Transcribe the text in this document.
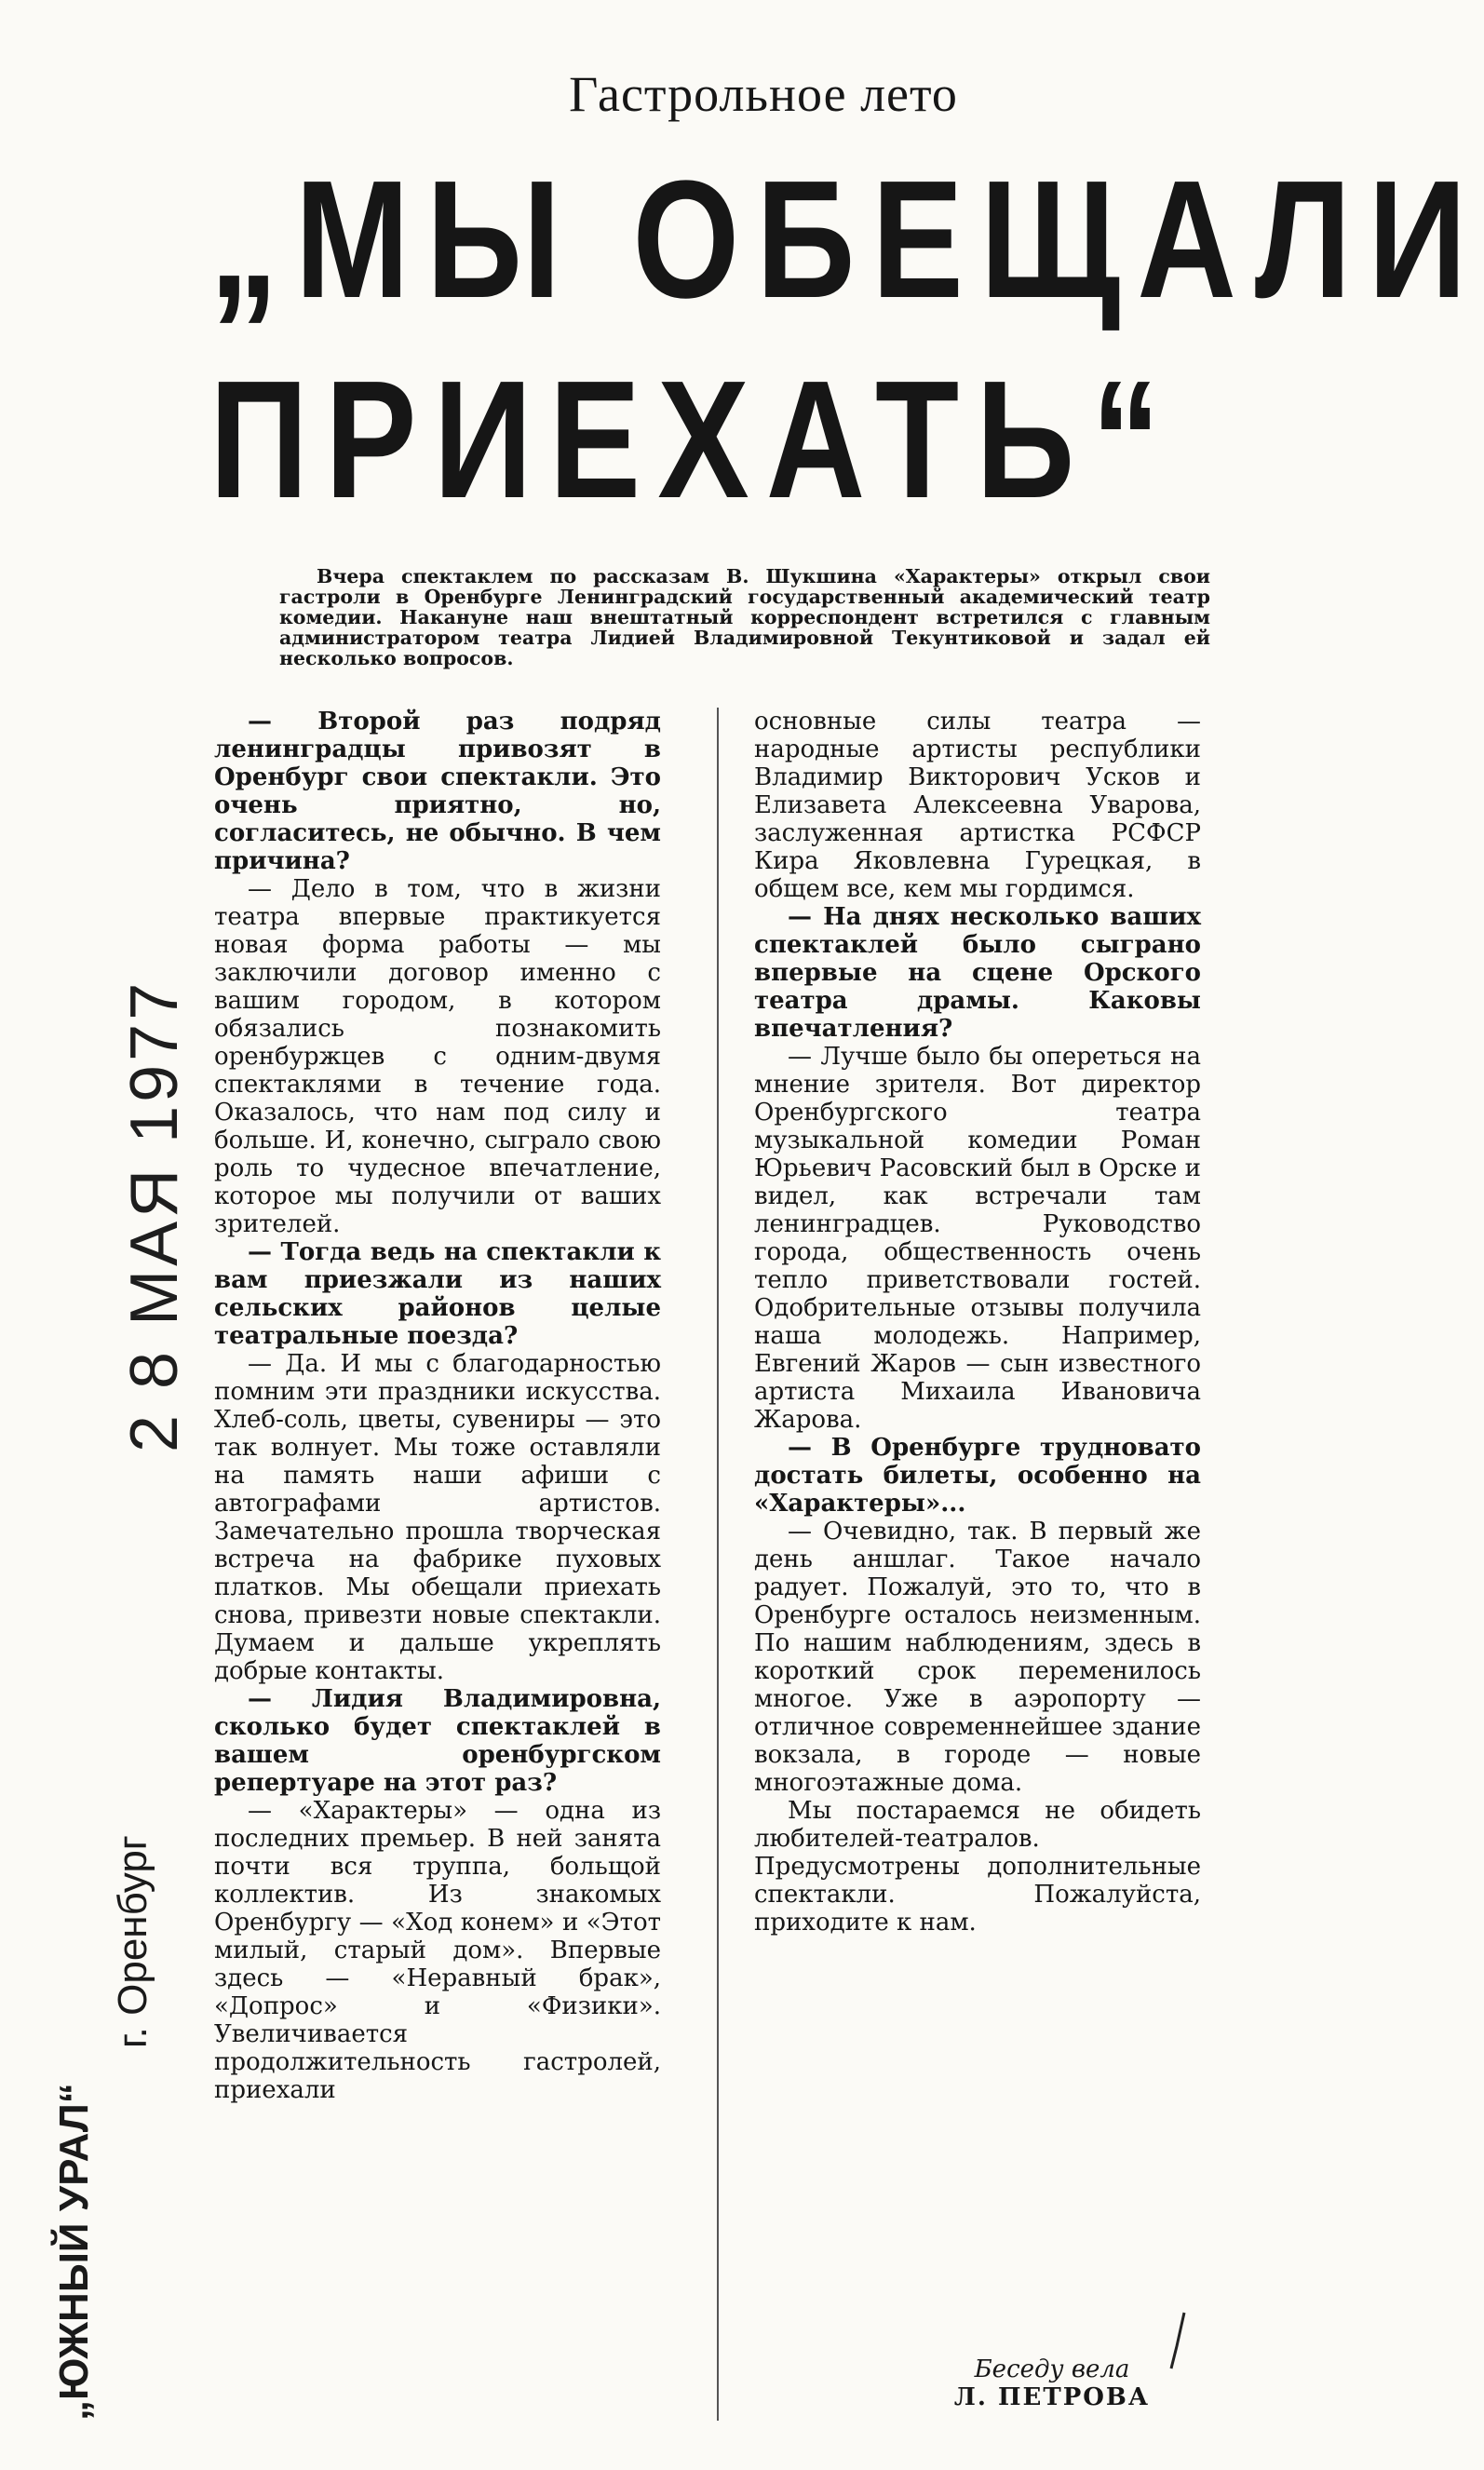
Гастрольное лето
„МЫ ОБЕЩАЛИ
ПРИЕХАТЬ“
Вчера спектаклем по рассказам В. Шукшина «Характеры» открыл свои гастроли в Оренбурге Ленинградский государственный академический театр комедии. Накануне наш внештатный корреспондент встретился с главным администратором театра Лидией Владимировной Текунтиковой и задал ей несколько вопросов.

— Второй раз подряд ленинградцы привозят в Оренбург свои спектакли. Это очень приятно, но, согласитесь, не обычно. В чем причина?

— Дело в том, что в жизни театра впервые практикуется новая форма работы — мы заключили договор именно с вашим городом, в котором обязались познакомить оренбуржцев с одним-двумя спектаклями в течение года. Оказалось, что нам под силу и больше. И, конечно, сыграло свою роль то чудесное впечатление, которое мы получили от ваших зрителей.

— Тогда ведь на спектакли к вам приезжали из наших сельских районов целые театральные поезда?

— Да. И мы с благодарностью помним эти праздники искусства. Хлеб-соль, цветы, сувениры — это так волнует. Мы тоже оставляли на память наши афиши с автографами артистов. Замечательно прошла творческая встреча на фабрике пуховых платков. Мы обещали приехать снова, привезти новые спектакли. Думаем и дальше укреплять добрые контакты.

— Лидия Владимировна, сколько будет спектаклей в вашем оренбургском репертуаре на этот раз?

— «Характеры» — одна из последних премьер. В ней занята почти вся труппа, больщой коллектив. Из знакомых Оренбургу — «Ход конем» и «Этот милый, старый дом». Впервые здесь — «Неравный брак», «Допрос» и «Физики». Увеличивается продолжительность гастролей, приехали

основные силы театра — народные артисты республики Владимир Викторович Усков и Елизавета Алексеевна Уварова, заслуженная артистка РСФСР Кира Яковлевна Гурецкая, в общем все, кем мы гордимся.

— На днях несколько ваших спектаклей было сыграно впервые на сцене Орского театра драмы. Каковы впечатления?

— Лучше было бы опереться на мнение зрителя. Вот директор Оренбургского театра музыкальной комедии Роман Юрьевич Расовский был в Орске и видел, как встречали там ленинградцев. Руководство города, общественность очень тепло приветствовали гостей. Одобрительные отзывы получила наша молодежь. Например, Евгений Жаров — сын известного артиста Михаила Ивановича Жарова.

— В Оренбурге трудновато достать билеты, особенно на «Характеры»...

— Очевидно, так. В первый же день аншлаг. Такое начало радует. Пожалуй, это то, что в Оренбурге осталось неизменным. По нашим наблюдениям, здесь в короткий срок переменилось многое. Уже в аэропорту — отличное современнейшее здание вокзала, в городе — новые многоэтажные дома.

Мы постараемся не обидеть любителей-театралов. Предусмотрены дополнительные спектакли. Пожалуйста, приходите к нам.

Беседу вела
Л. ПЕТРОВА
2 8 МАЯ 1977
„ЮЖНЫЙ УРАЛ“
г. Оренбург
